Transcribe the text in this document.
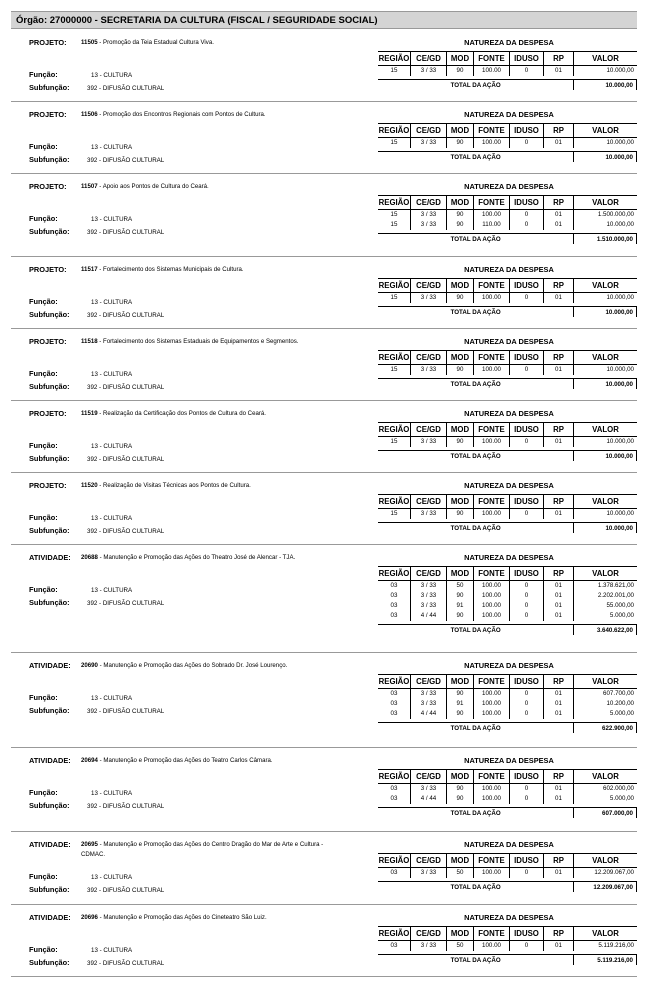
Órgão: 27000000 - SECRETARIA DA CULTURA (FISCAL / SEGURIDADE SOCIAL)
PROJETO: 11505 - Promoção da Teia Estadual Cultura Viva.	NATUREZA DA DESPESA
REGIÃO CE/GD	MOD	FONTE	IDUSO	RP	VALOR
15	3 / 33	90	100.00	0	01	10.000,00
TOTAL DA AÇÃO	10.000,00
Função:	13 - CULTURA
Subfunção:	392 - DIFUSÃO CULTURAL
PROJETO: 11506 - Promoção dos Encontros Regionais com Pontos de Cultura.	NATUREZA DA DESPESA
REGIÃO CE/GD	MOD	FONTE	IDUSO	RP	VALOR
15	3 / 33	90	100.00	0	01	10.000,00
TOTAL DA AÇÃO	10.000,00
Função:	13 - CULTURA
Subfunção:	392 - DIFUSÃO CULTURAL
PROJETO: 11507 - Apoio aos Pontos de Cultura do Ceará.	NATUREZA DA DESPESA
REGIÃO CE/GD	MOD	FONTE	IDUSO	RP	VALOR
15	3 / 33	90	100.00	0	01	1.500.000,00
15	3 / 33	90	110.00	0	01	10.000,00
TOTAL DA AÇÃO	1.510.000,00
Função:	13 - CULTURA
Subfunção:	392 - DIFUSÃO CULTURAL
PROJETO: 11517 - Fortalecimento dos Sistemas Municipais de Cultura.	NATUREZA DA DESPESA
REGIÃO CE/GD	MOD	FONTE	IDUSO	RP	VALOR
15	3 / 33	90	100.00	0	01	10.000,00
TOTAL DA AÇÃO	10.000,00
Função:	13 - CULTURA
Subfunção:	392 - DIFUSÃO CULTURAL
PROJETO: 11518 - Fortalecimento dos Sistemas Estaduais de Equipamentos e Segmentos.	NATUREZA DA DESPESA
REGIÃO CE/GD	MOD	FONTE	IDUSO	RP	VALOR
15	3 / 33	90	100.00	0	01	10.000,00
TOTAL DA AÇÃO	10.000,00
Função:	13 - CULTURA
Subfunção:	392 - DIFUSÃO CULTURAL
PROJETO: 11519 - Realização da Certificação dos Pontos de Cultura do Ceará.	NATUREZA DA DESPESA
REGIÃO CE/GD	MOD	FONTE	IDUSO	RP	VALOR
15	3 / 33	90	100.00	0	01	10.000,00
TOTAL DA AÇÃO	10.000,00
Função:	13 - CULTURA
Subfunção:	392 - DIFUSÃO CULTURAL
PROJETO: 11520 - Realização de Visitas Técnicas aos Pontos de Cultura.	NATUREZA DA DESPESA
REGIÃO CE/GD	MOD	FONTE	IDUSO	RP	VALOR
15	3 / 33	90	100.00	0	01	10.000,00
TOTAL DA AÇÃO	10.000,00
Função:	13 - CULTURA
Subfunção:	392 - DIFUSÃO CULTURAL
ATIVIDADE: 20688 - Manutenção e Promoção das Ações do Theatro José de Alencar - TJA.	NATUREZA DA DESPESA
REGIÃO CE/GD	MOD	FONTE	IDUSO	RP	VALOR
03	3 / 33	50	100.00	0	01	1.378.621,00
03	3 / 33	90	100.00	0	01	2.202.001,00
03	3 / 33	91	100.00	0	01	55.000,00
03	4 / 44	90	100.00	0	01	5.000,00
TOTAL DA AÇÃO	3.640.622,00
Função:	13 - CULTURA
Subfunção:	392 - DIFUSÃO CULTURAL
ATIVIDADE: 20690 - Manutenção e Promoção das Ações do Sobrado Dr. José Lourenço.	NATUREZA DA DESPESA
REGIÃO CE/GD	MOD	FONTE	IDUSO	RP	VALOR
03	3 / 33	90	100.00	0	01	607.700,00
03	3 / 33	91	100.00	0	01	10.200,00
03	4 / 44	90	100.00	0	01	5.000,00
TOTAL DA AÇÃO	622.900,00
Função:	13 - CULTURA
Subfunção:	392 - DIFUSÃO CULTURAL
ATIVIDADE: 20694 - Manutenção e Promoção das Ações do Teatro Carlos Câmara.	NATUREZA DA DESPESA
REGIÃO CE/GD	MOD	FONTE	IDUSO	RP	VALOR
03	3 / 33	90	100.00	0	01	602.000,00
03	4 / 44	90	100.00	0	01	5.000,00
TOTAL DA AÇÃO	607.000,00
Função:	13 - CULTURA
Subfunção:	392 - DIFUSÃO CULTURAL
ATIVIDADE: 20695 - Manutenção e Promoção das Ações do Centro Dragão do Mar de Arte e Cultura - CDMAC.
NATUREZA DA DESPESA
REGIÃO CE/GD	MOD	FONTE	IDUSO	RP	VALOR
03	3 / 33	50	100.00	0	01	12.209.067,00
TOTAL DA AÇÃO	12.209.067,00
Função:	13 - CULTURA
Subfunção:	392 - DIFUSÃO CULTURAL
ATIVIDADE: 20696 - Manutenção e Promoção das Ações do Cineteatro São Luiz.	NATUREZA DA DESPESA
REGIÃO CE/GD	MOD	FONTE	IDUSO	RP	VALOR
03	3 / 33	50	100.00	0	01	5.119.216,00
TOTAL DA AÇÃO	5.119.216,00
Função:	13 - CULTURA
Subfunção:	392 - DIFUSÃO CULTURAL
